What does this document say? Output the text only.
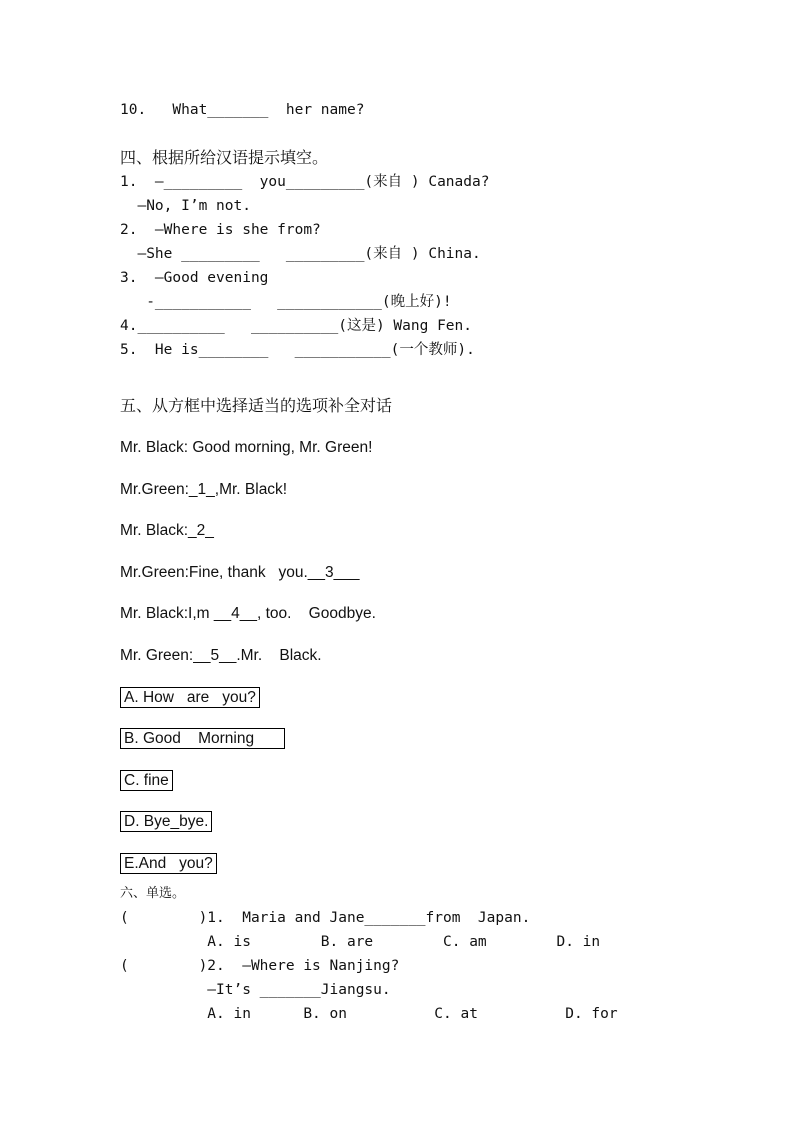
10.   What_______  her name?
四、根据所给汉语提示填空。
1.  —_________  you_________(来自 ) Canada?
—No, I’m not.
2.  —Where is she from?
—She _________   _________(来自 ) China.
3.  —Good evening
-___________   ____________(晚上好)!
4.__________   __________(这是) Wang Fen.
5.  He is________   ___________(一个教师).
五、从方框中选择适当的选项补全对话
Mr. Black: Good morning, Mr. Green!
Mr.Green:_1_,Mr. Black!
Mr. Black:_2_
Mr.Green:Fine, thank   you.__3___
Mr. Black:I,m __4__, too.    Goodbye.
Mr. Green:__5__.Mr.    Black.
A. How   are   you?
B. Good    Morning
C. fine
D. Bye_bye.
E.And   you?
六、单选。
(        )1.  Maria and Jane_______from  Japan.
A. is        B. are        C. am        D. in
(        )2.  —Where is Nanjing?
—It’s _______Jiangsu.
A. in      B. on          C. at          D. for
